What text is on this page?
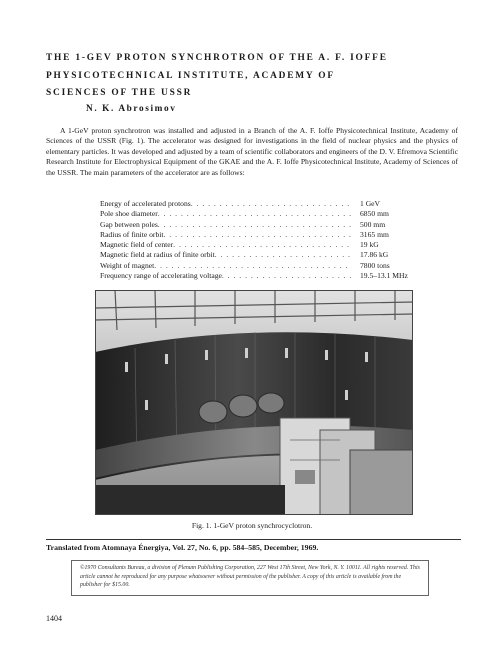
THE 1-GEV PROTON SYNCHROTRON OF THE A. F. IOFFE
PHYSICOTECHNICAL INSTITUTE, ACADEMY OF
SCIENCES OF THE USSR
N. K. Abrosimov

A 1-GeV proton synchrotron was installed and adjusted in a Branch of the A. F. Ioffe Physicotechnical Institute, Academy of Sciences of the USSR (Fig. 1). The accelerator was designed for investigations in the field of nuclear physics and the physics of elementary particles. It was developed and adjusted by a team of scientific collaborators and engineers of the D. V. Efremova Scientific Research Institute for Electrophysical Equipment of the GKAE and the A. F. Ioffe Physicotechnical Institute, Academy of Sciences of the USSR. The main parameters of the accelerator are as follows:

Energy of accelerated protons . . .	1 GeV
Pole shoe diameter . . .	6850 mm
Gap between poles . . .	500 mm
Radius of finite orbit . . .	3165 mm
Magnetic field of center . . .	19 kG
Magnetic field at radius of finite orbit . . .	17.86 kG
Weight of magnet . . .	7800 tons
Frequency range of accelerating voltage . . .	19.5–13.1 MHz
Fig. 1. 1-GeV proton synchrocyclotron.
Translated from Atomnaya Énergiya, Vol. 27, No. 6, pp. 584–585, December, 1969.
©1970 Consultants Bureau, a division of Plenum Publishing Corporation, 227 West 17th Street, New York, N. Y. 10011. All rights reserved. This article cannot be reproduced for any purpose whatsoever without permission of the publisher. A copy of this article is available from the publisher for $15.00.
1404
